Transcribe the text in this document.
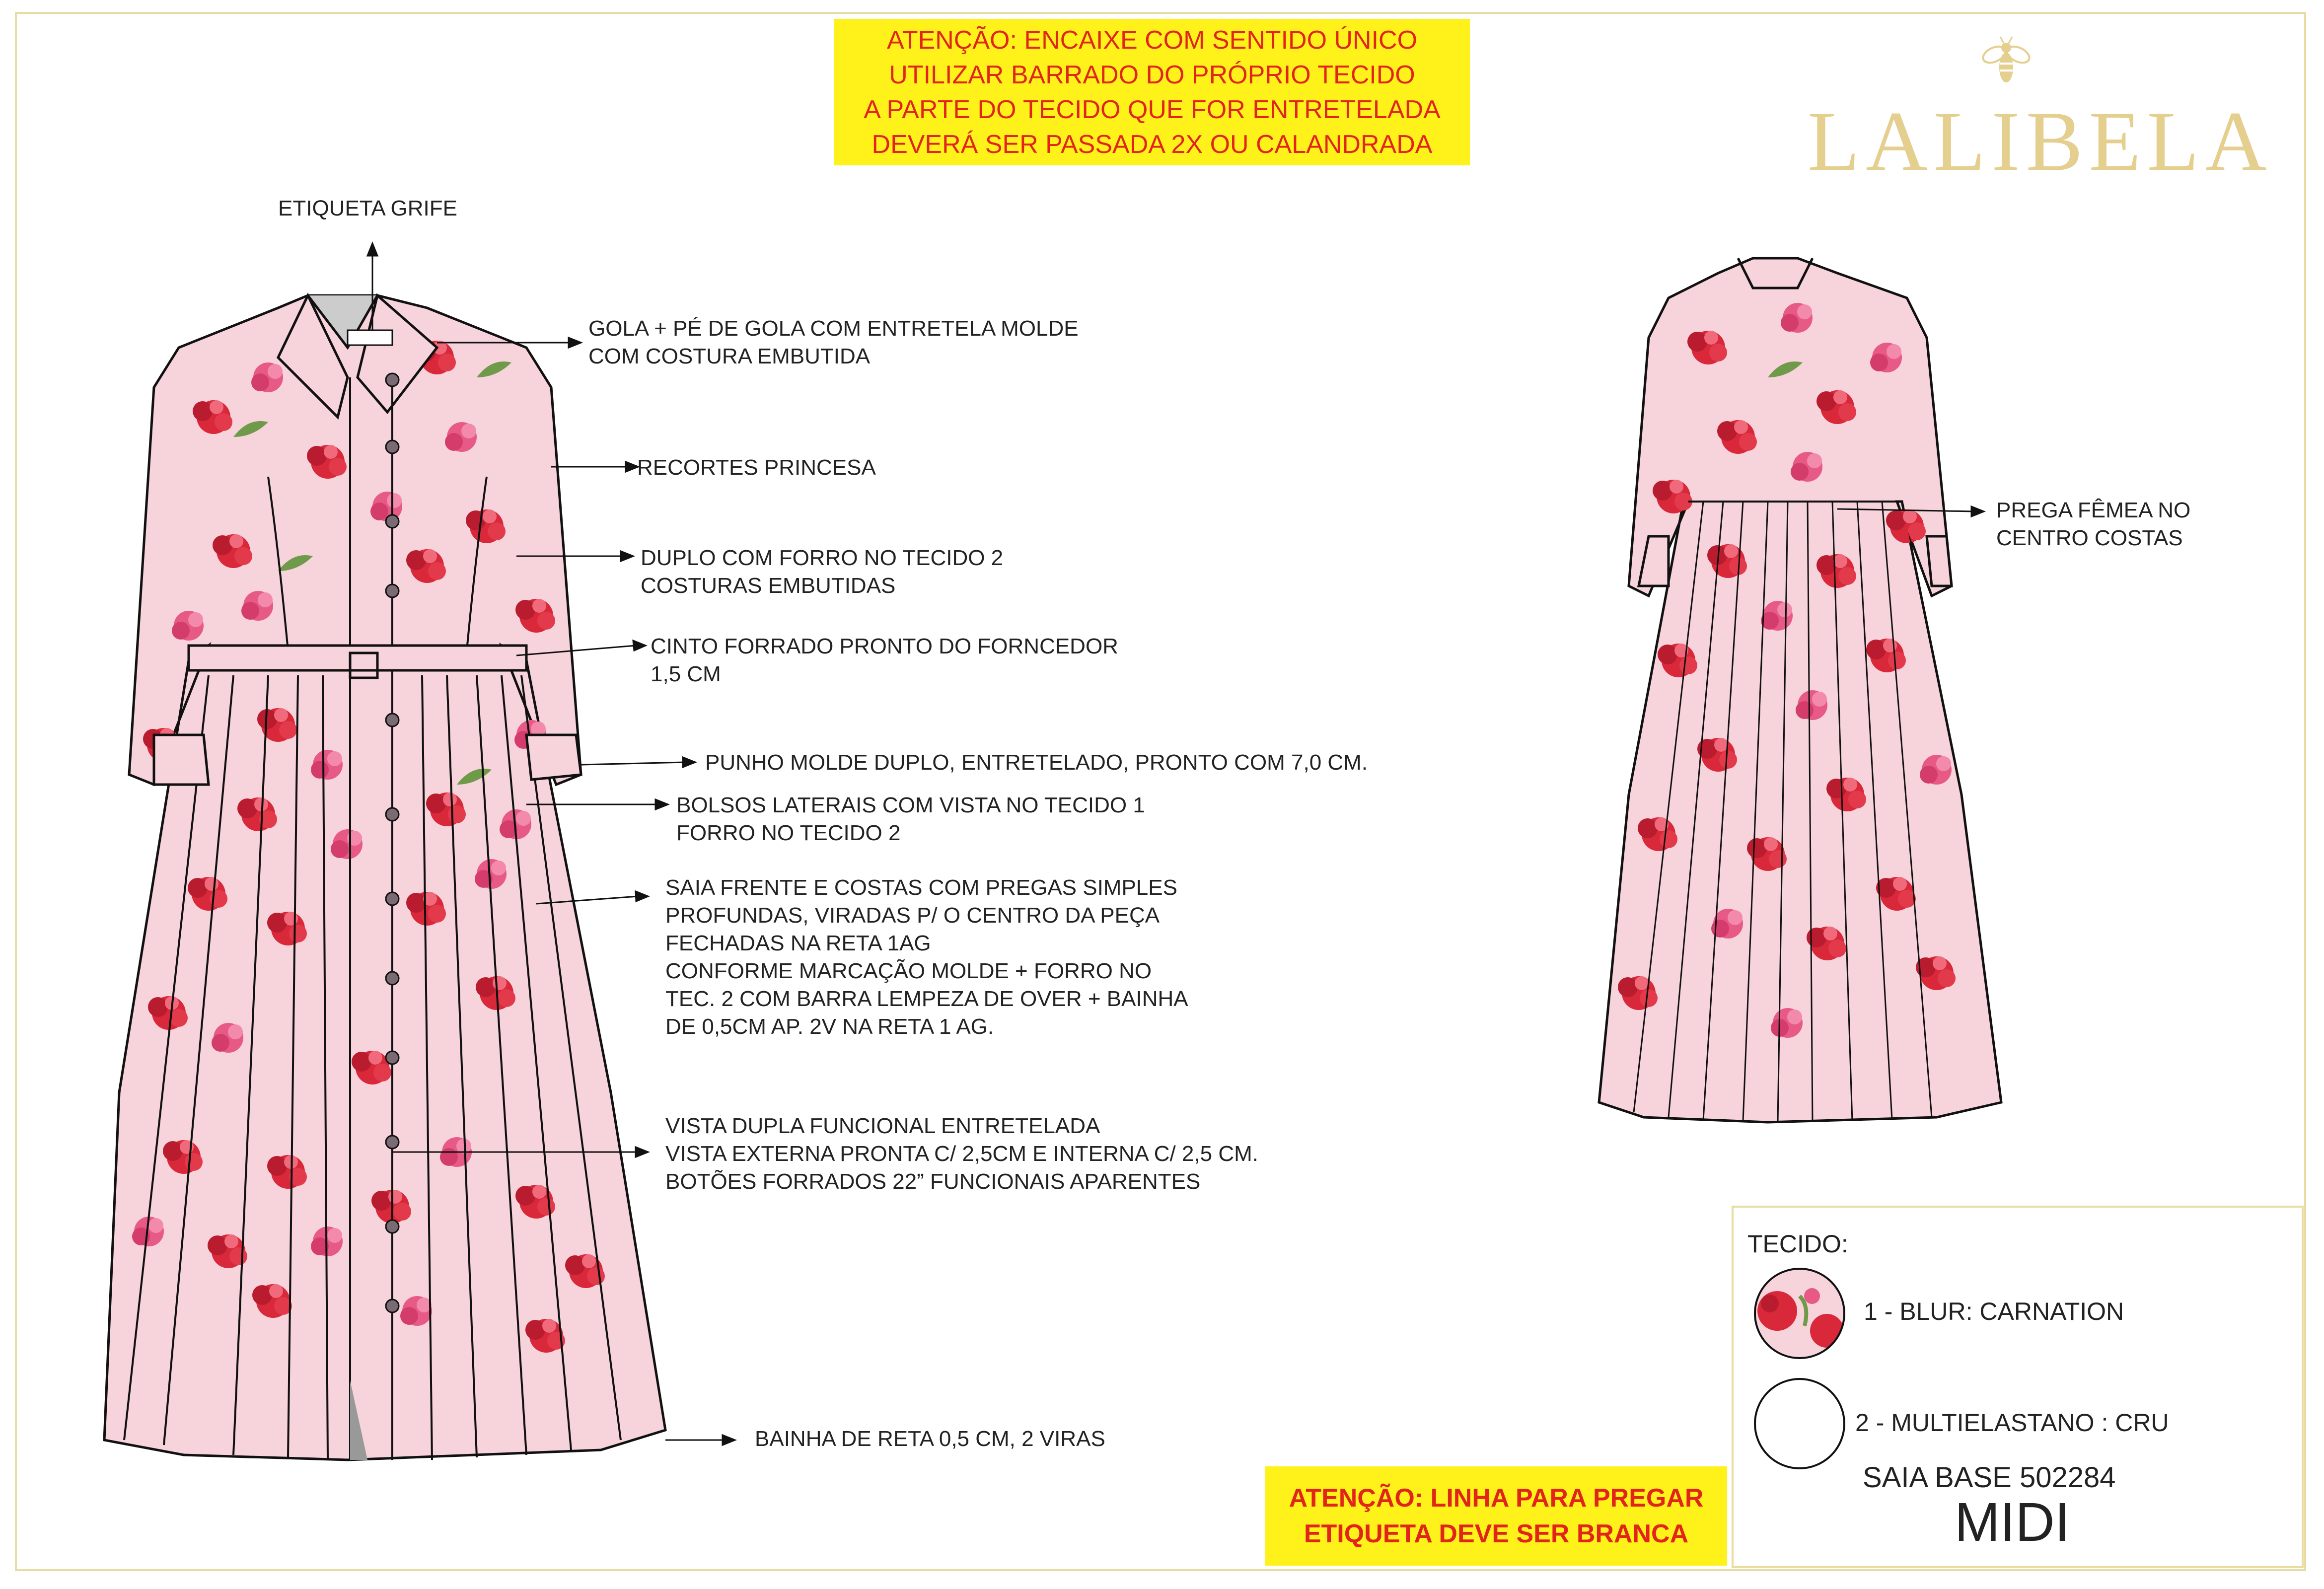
ATENÇÃO: ENCAIXE COM SENTIDO ÚNICO
UTILIZAR BARRADO DO PRÓPRIO TECIDO
A PARTE DO TECIDO QUE FOR ENTRETELADA
DEVERÁ SER PASSADA 2X OU CALANDRADA	LALIBELA
ETIQUETA GRIFE
GOLA + PÉ DE GOLA COM ENTRETELA MOLDE
COM COSTURA EMBUTIDA
RECORTES PRINCESA
DUPLO COM FORRO NO TECIDO 2
COSTURAS EMBUTIDAS
CINTO FORRADO PRONTO DO FORNCEDOR
1,5 CM
PUNHO MOLDE DUPLO, ENTRETELADO, PRONTO COM 7,0 CM.
BOLSOS LATERAIS COM VISTA NO TECIDO 1
FORRO NO TECIDO 2
SAIA FRENTE E COSTAS COM PREGAS SIMPLES
PROFUNDAS, VIRADAS P/ O CENTRO DA PEÇA
FECHADAS NA RETA 1AG
CONFORME MARCAÇÃO MOLDE + FORRO NO
TEC. 2 COM BARRA LEMPEZA DE OVER + BAINHA
DE 0,5CM AP. 2V NA RETA 1 AG.
VISTA DUPLA FUNCIONAL ENTRETELADA
VISTA EXTERNA PRONTA C/ 2,5CM E INTERNA C/ 2,5 CM.
BOTÕES FORRADOS 22” FUNCIONAIS APARENTES
BAINHA DE RETA 0,5 CM, 2 VIRAS
PREGA FÊMEA NO
CENTRO COSTAS
TECIDO:
1 - BLUR: CARNATION
2 - MULTIELASTANO : CRU
SAIA BASE 502284
MIDI
ATENÇÃO: LINHA PARA PREGAR
ETIQUETA DEVE SER BRANCA
